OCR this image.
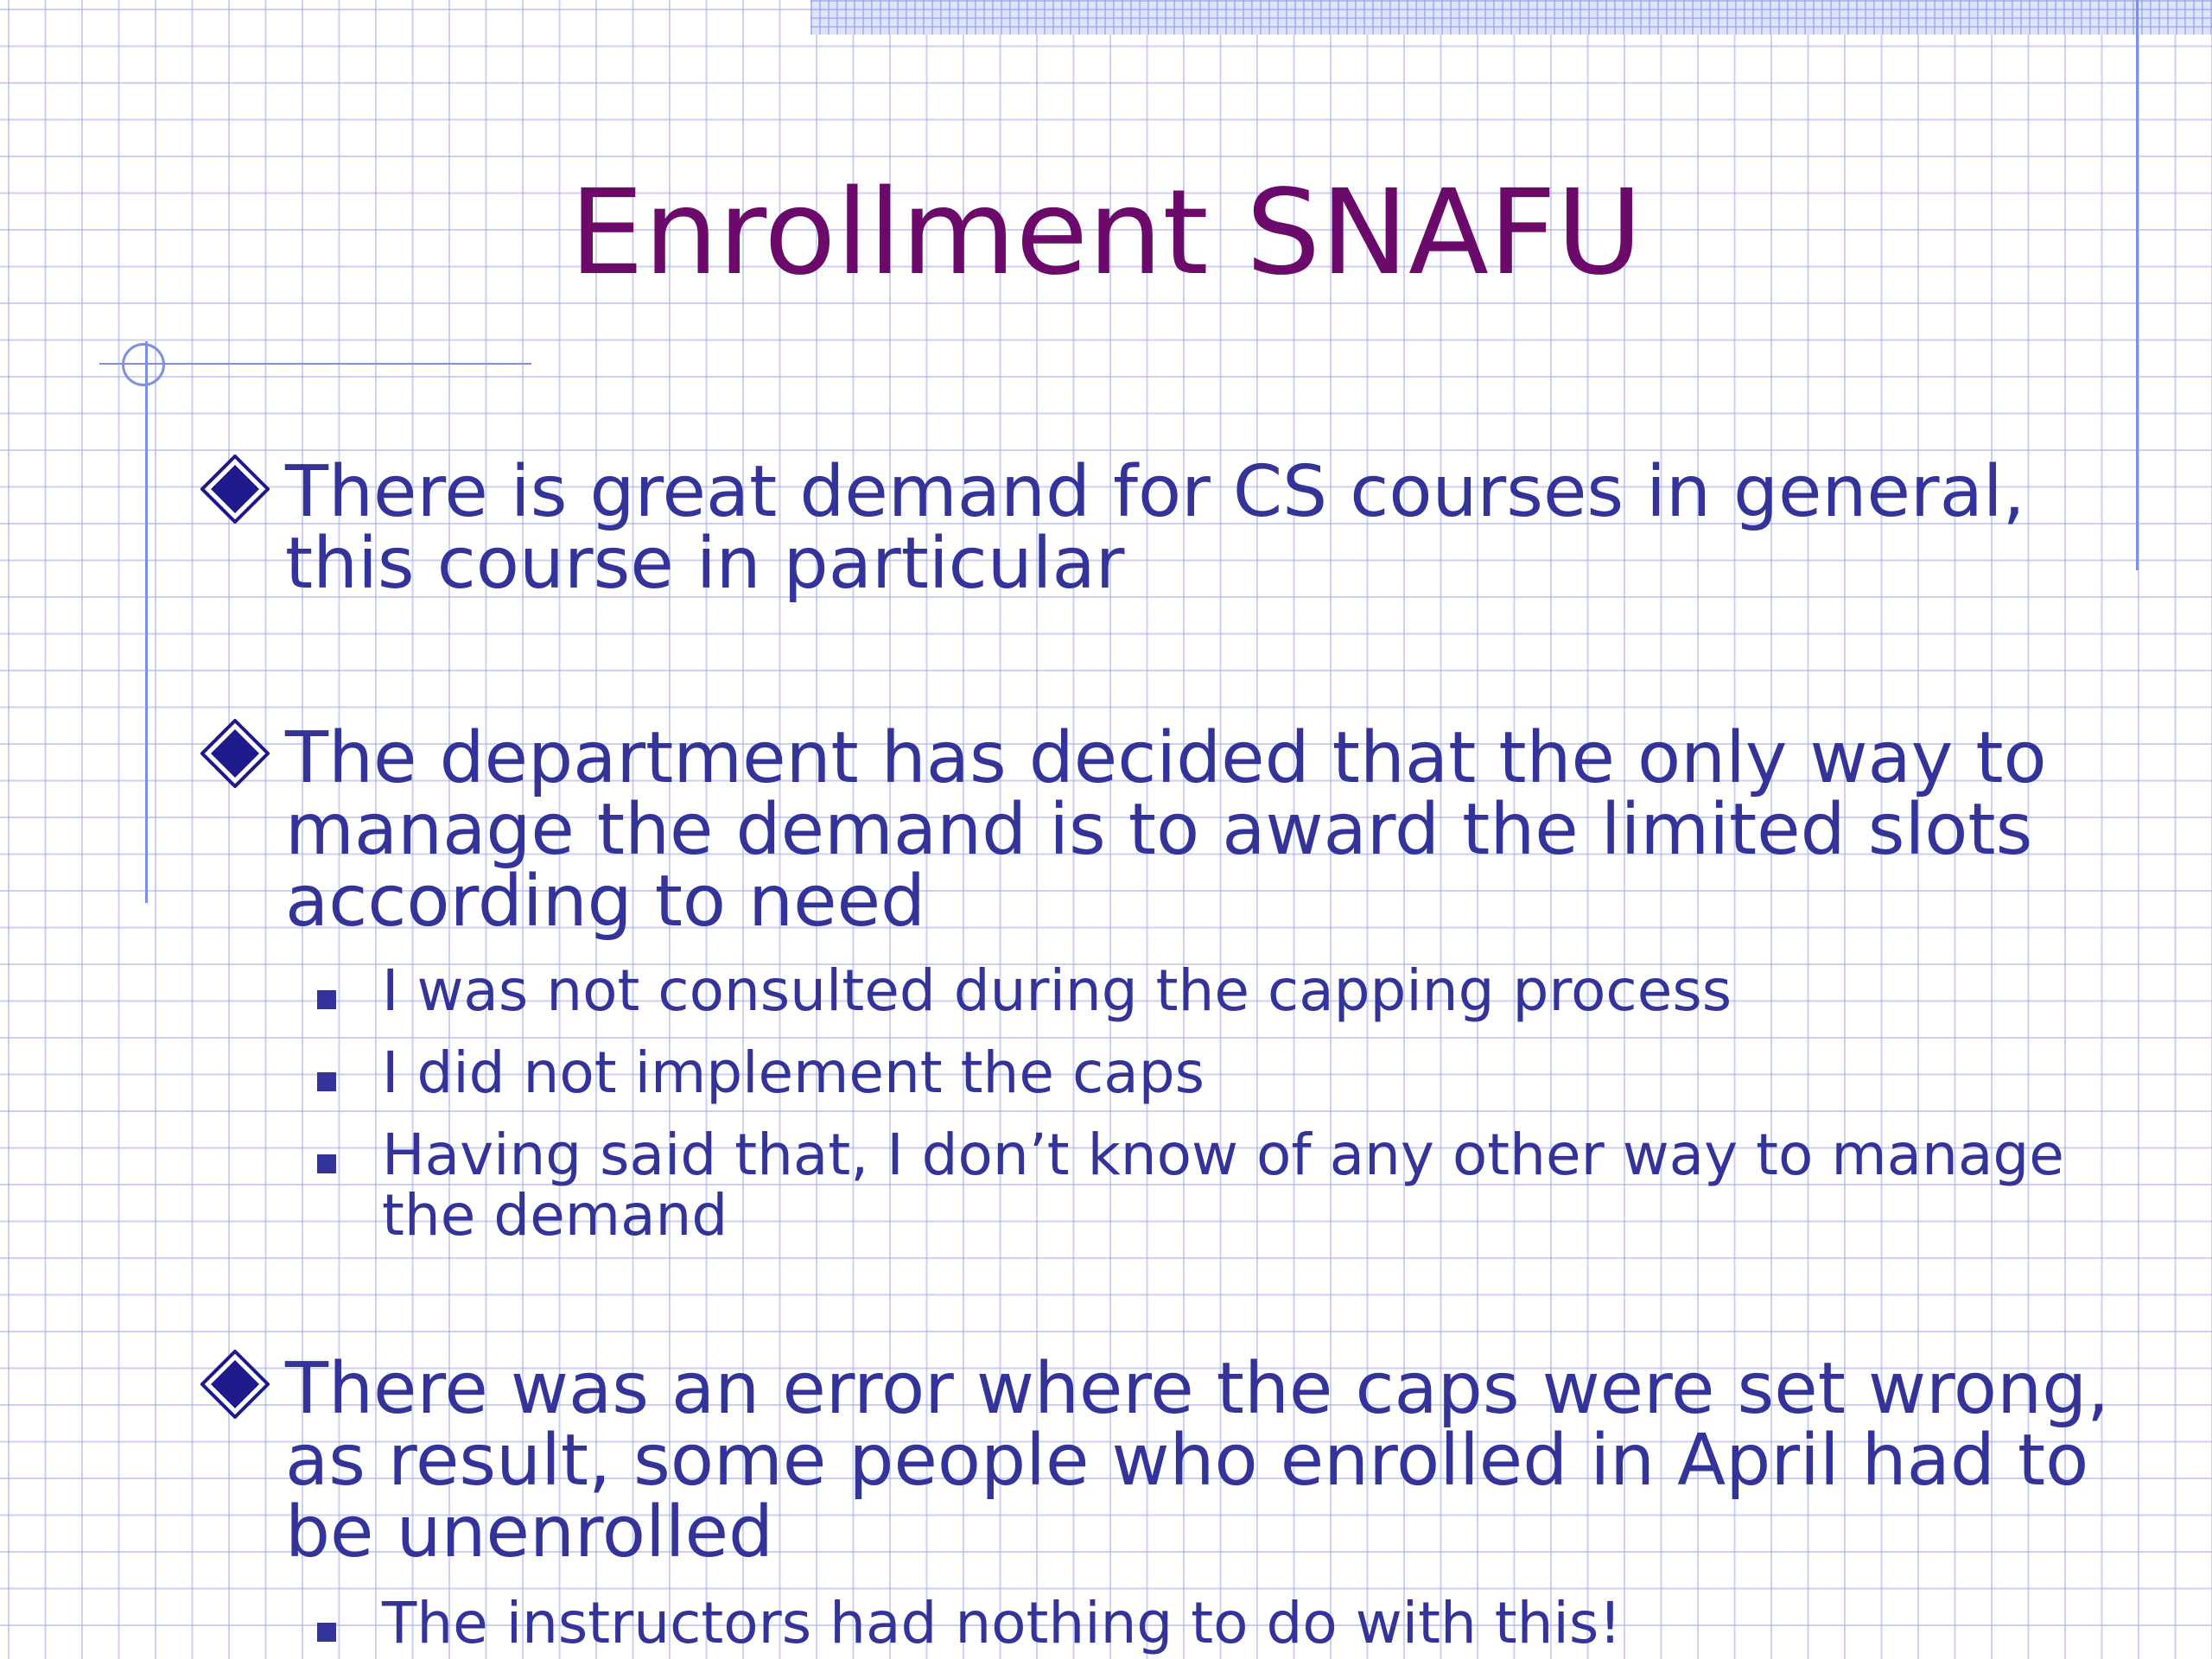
Enrollment SNAFU
There is great demand for CS courses in general, this course in particular
The department has decided that the only way to manage the demand is to award the limited slots according to need
I was not consulted during the capping process
I did not implement the caps
Having said that, I don’t know of any other way to manage the demand
There was an error where the caps were set wrong, as result, some people who enrolled in April had to be unenrolled
The instructors had nothing to do with this!
